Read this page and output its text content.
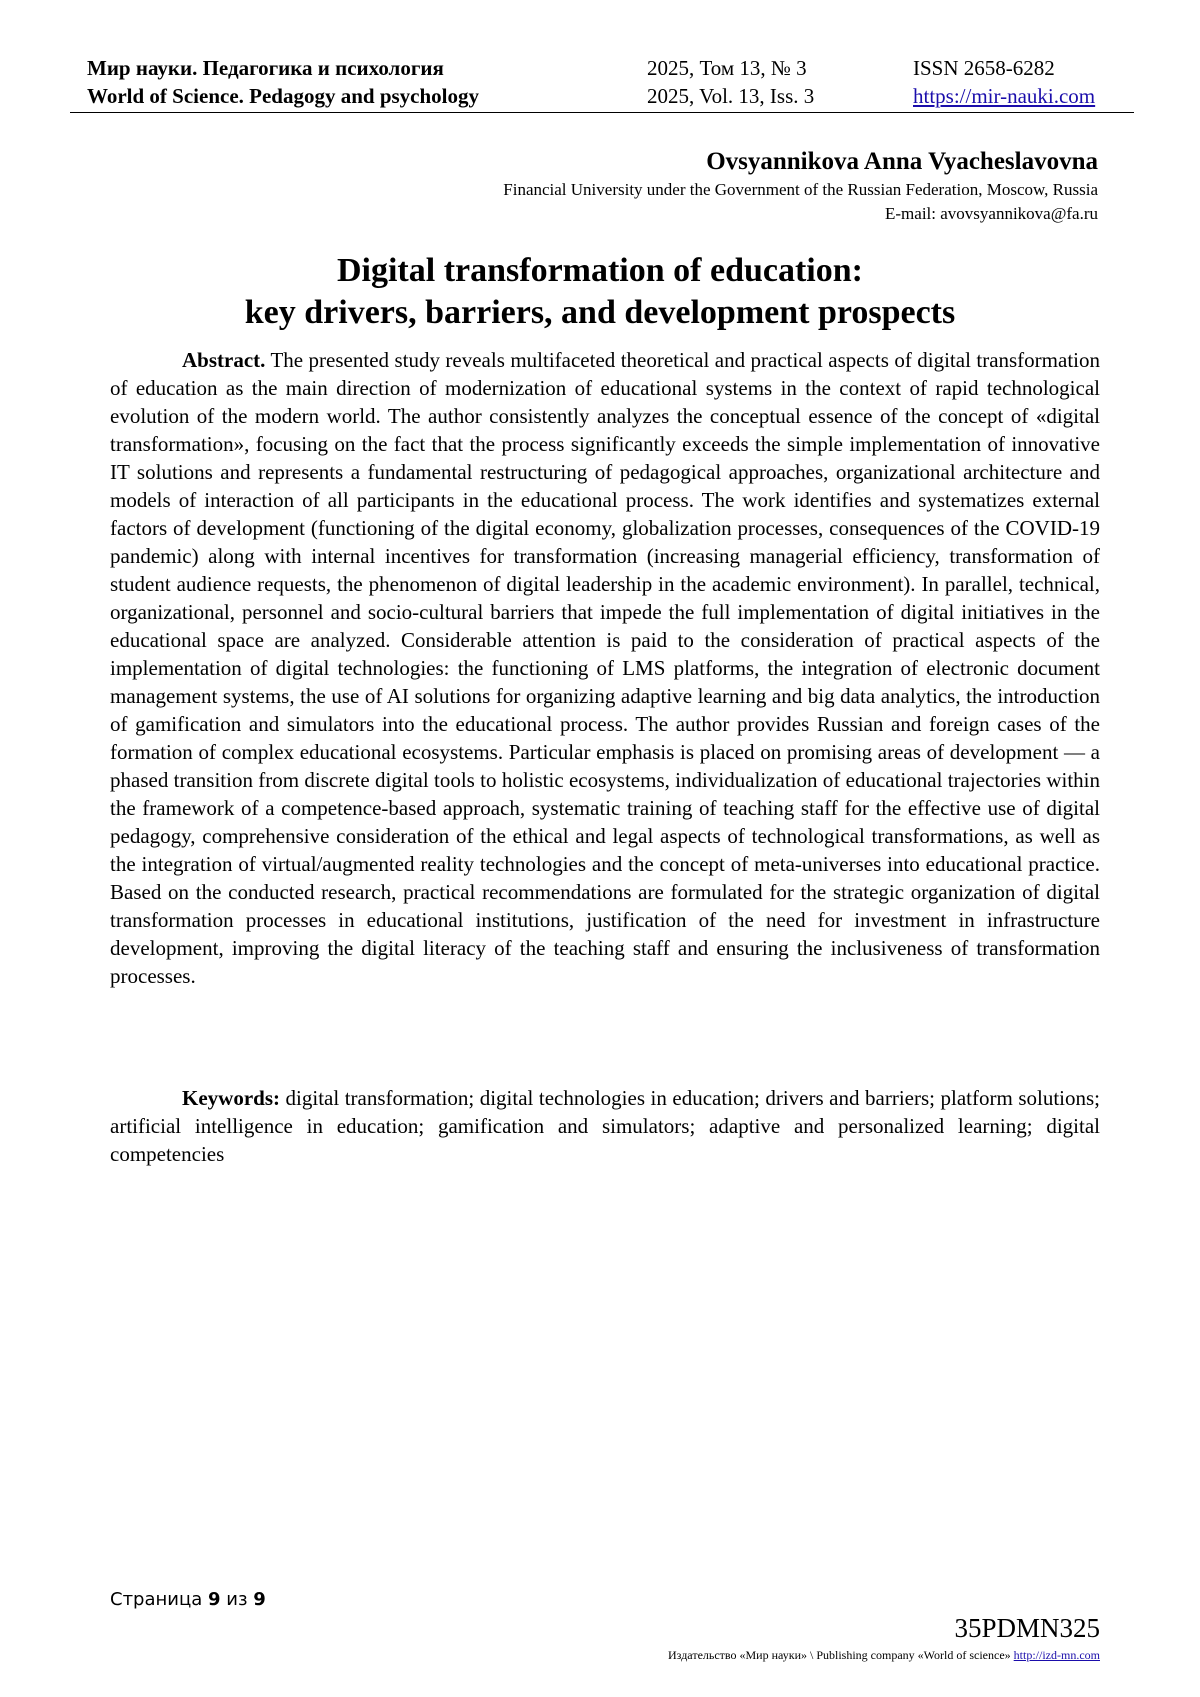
Мир науки. Педагогика и психология
World of Science. Pedagogy and psychology
2025, Том 13, № 3
2025, Vol. 13, Iss. 3
ISSN 2658-6282
https://mir-nauki.com
Ovsyannikova Anna Vyacheslavovna
Financial University under the Government of the Russian Federation, Moscow, Russia
E-mail: avovsyannikova@fa.ru
Digital transformation of education:
key drivers, barriers, and development prospects

Abstract. The presented study reveals multifaceted theoretical and practical aspects of digital transformation of education as the main direction of modernization of educational systems in the context of rapid technological evolution of the modern world. The author consistently analyzes the conceptual essence of the concept of «digital transformation», focusing on the fact that the process significantly exceeds the simple implementation of innovative IT solutions and represents a fundamental restructuring of pedagogical approaches, organizational architecture and models of interaction of all participants in the educational process. The work identifies and systematizes external factors of development (functioning of the digital economy, globalization processes, consequences of the COVID-19 pandemic) along with internal incentives for transformation (increasing managerial efficiency, transformation of student audience requests, the phenomenon of digital leadership in the academic environment). In parallel, technical, organizational, personnel and socio-cultural barriers that impede the full implementation of digital initiatives in the educational space are analyzed. Considerable attention is paid to the consideration of practical aspects of the implementation of digital technologies: the functioning of LMS platforms, the integration of electronic document management systems, the use of AI solutions for organizing adaptive learning and big data analytics, the introduction of gamification and simulators into the educational process. The author provides Russian and foreign cases of the formation of complex educational ecosystems. Particular emphasis is placed on promising areas of development — a phased transition from discrete digital tools to holistic ecosystems, individualization of educational trajectories within the framework of a competence-based approach, systematic training of teaching staff for the effective use of digital pedagogy, comprehensive consideration of the ethical and legal aspects of technological transformations, as well as the integration of virtual/augmented reality technologies and the concept of meta-universes into educational practice. Based on the conducted research, practical recommendations are formulated for the strategic organization of digital transformation processes in educational institutions, justification of the need for investment in infrastructure development, improving the digital literacy of the teaching staff and ensuring the inclusiveness of transformation processes.

Keywords: digital transformation; digital technologies in education; drivers and barriers; platform solutions; artificial intelligence in education; gamification and simulators; adaptive and personalized learning; digital competencies

Страница 9 из 9
35PDMN325
Издательство «Мир науки» \ Publishing company «World of science» http://izd-mn.com
